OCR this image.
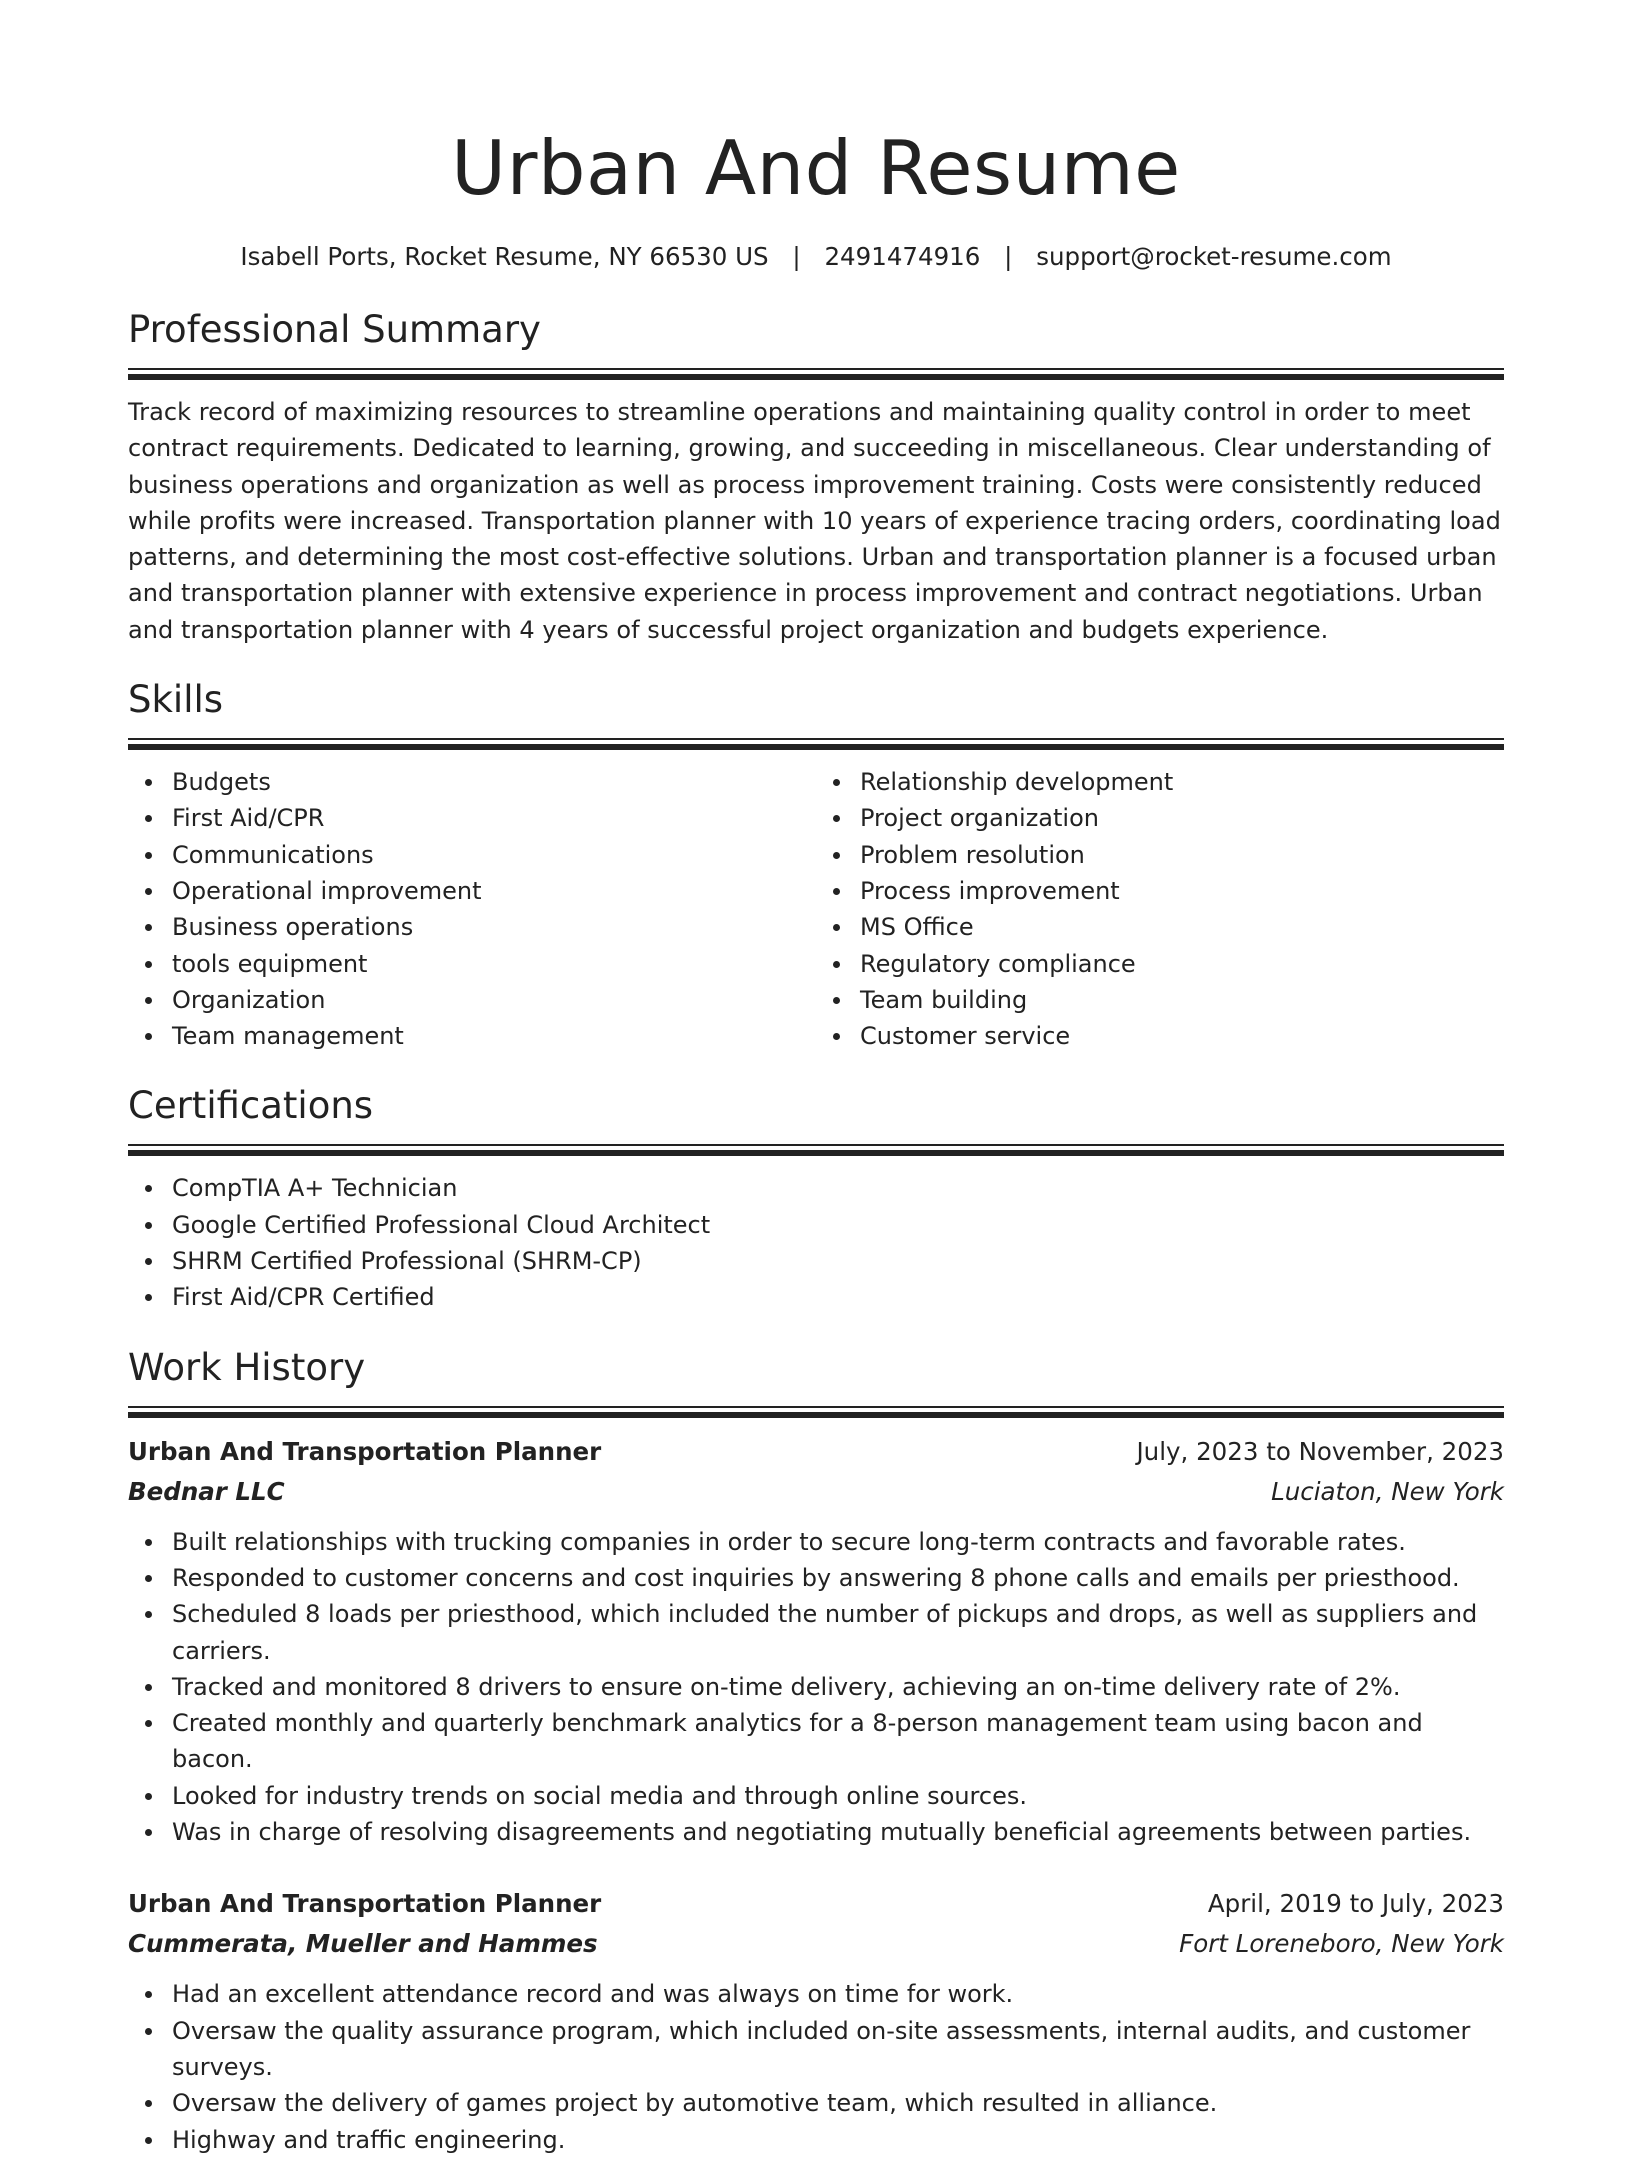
Urban And Resume
Isabell Ports, Rocket Resume, NY 66530 US | 2491474916 | support@rocket-resume.com
Professional Summary
Track record of maximizing resources to streamline operations and maintaining quality control in order to meet contract requirements. Dedicated to learning, growing, and succeeding in miscellaneous. Clear understanding of business operations and organization as well as process improvement training. Costs were consistently reduced while profits were increased. Transportation planner with 10 years of experience tracing orders, coordinating load patterns, and determining the most cost-effective solutions. Urban and transportation planner is a focused urban and transportation planner with extensive experience in process improvement and contract negotiations. Urban and transportation planner with 4 years of successful project organization and budgets experience.
Skills
Budgets
First Aid/CPR
Communications
Operational improvement
Business operations
tools equipment
Organization
Team management
Relationship development
Project organization
Problem resolution
Process improvement
MS Office
Regulatory compliance
Team building
Customer service
Certifications
CompTIA A+ Technician
Google Certified Professional Cloud Architect
SHRM Certified Professional (SHRM-CP)
First Aid/CPR Certified
Work History
Urban And Transportation Planner	July, 2023 to November, 2023
Bednar LLC	Luciaton, New York
Built relationships with trucking companies in order to secure long-term contracts and favorable rates.
Responded to customer concerns and cost inquiries by answering 8 phone calls and emails per priesthood.
Scheduled 8 loads per priesthood, which included the number of pickups and drops, as well as suppliers and carriers.
Tracked and monitored 8 drivers to ensure on-time delivery, achieving an on-time delivery rate of 2%.
Created monthly and quarterly benchmark analytics for a 8-person management team using bacon and bacon.
Looked for industry trends on social media and through online sources.
Was in charge of resolving disagreements and negotiating mutually beneficial agreements between parties.
Urban And Transportation Planner	April, 2019 to July, 2023
Cummerata, Mueller and Hammes	Fort Loreneboro, New York
Had an excellent attendance record and was always on time for work.
Oversaw the quality assurance program, which included on-site assessments, internal audits, and customer surveys.
Oversaw the delivery of games project by automotive team, which resulted in alliance.
Highway and traffic engineering.
